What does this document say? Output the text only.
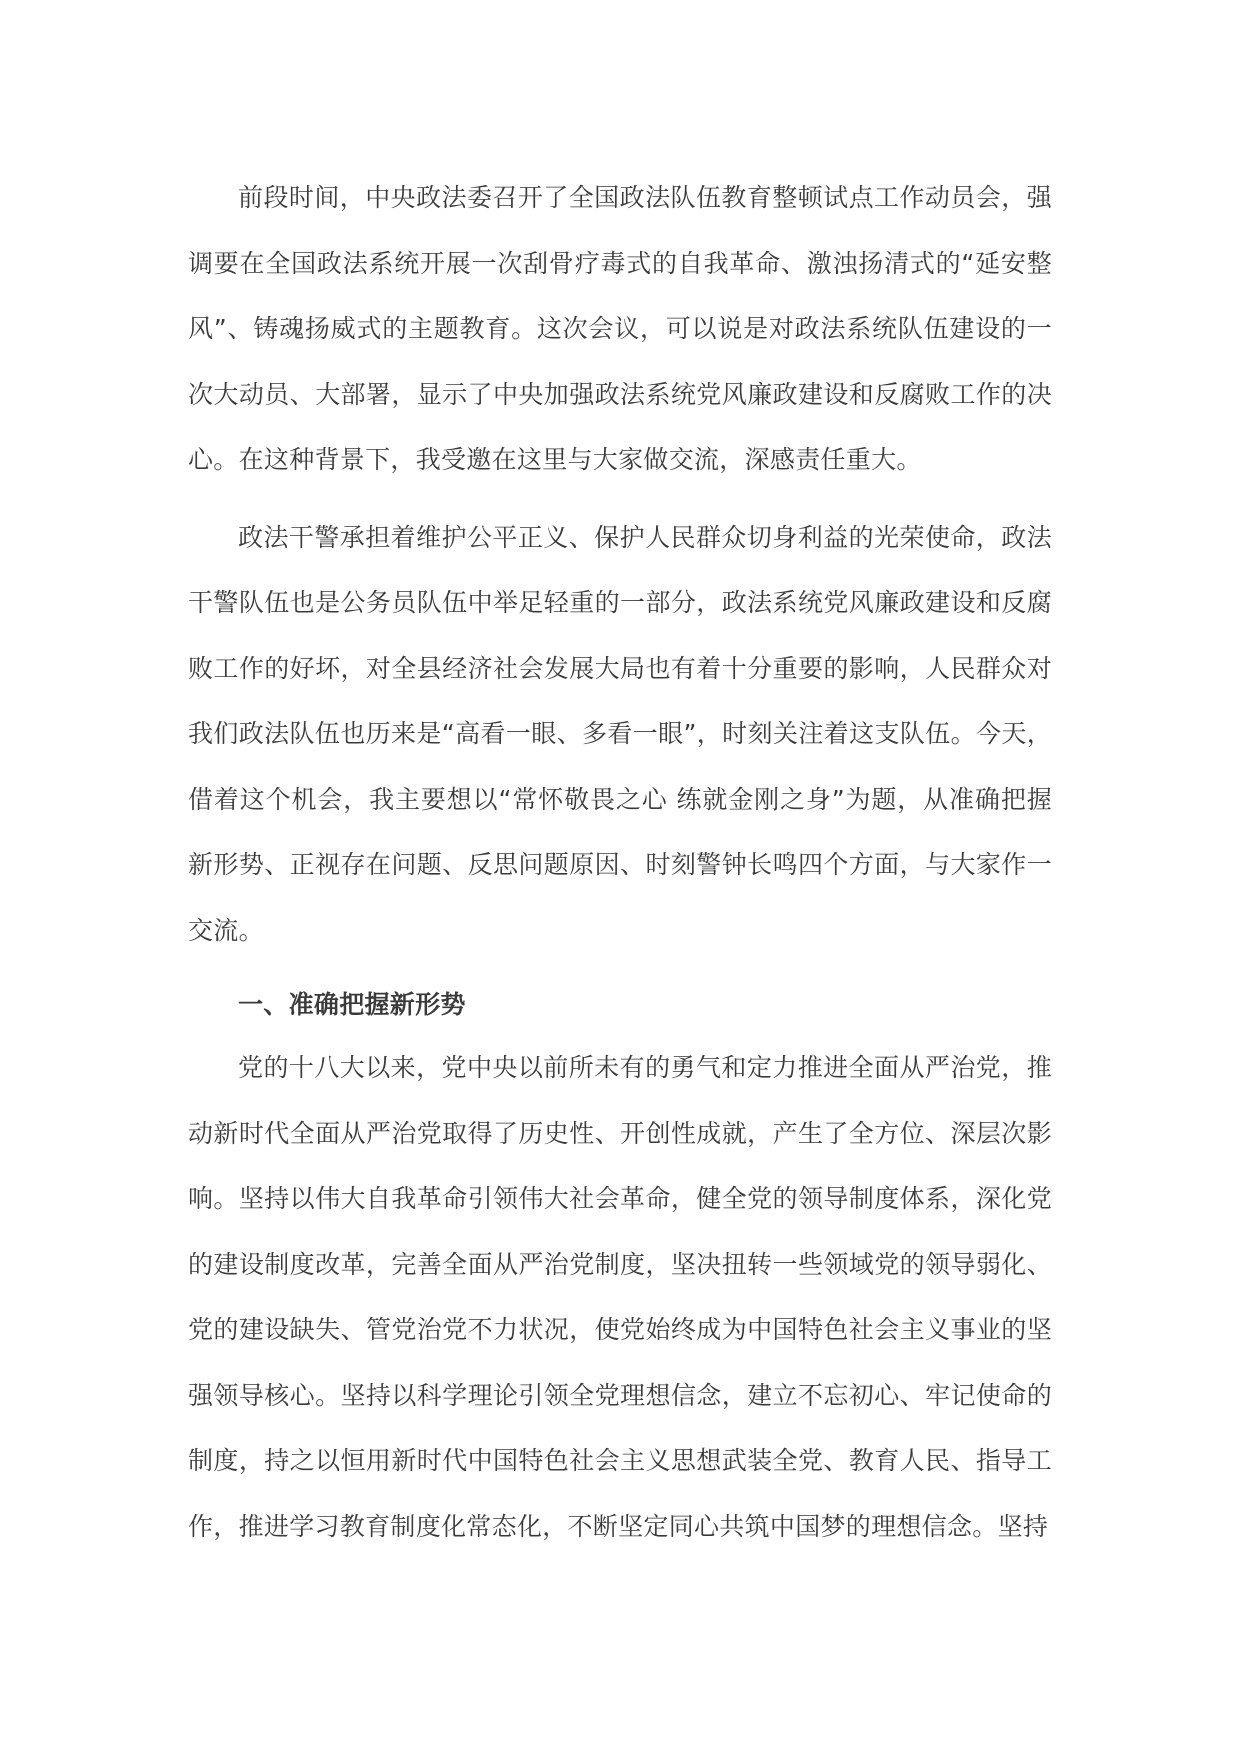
前段时间，中央政法委召开了全国政法队伍教育整顿试点工作动员会，强调要在全国政法系统开展一次刮骨疗毒式的自我革命、激浊扬清式的“延安整风”、铸魂扬威式的主题教育。这次会议，可以说是对政法系统队伍建设的一次大动员、大部署，显示了中央加强政法系统党风廉政建设和反腐败工作的决心。在这种背景下，我受邀在这里与大家做交流，深感责任重大。

政法干警承担着维护公平正义、保护人民群众切身利益的光荣使命，政法干警队伍也是公务员队伍中举足轻重的一部分，政法系统党风廉政建设和反腐败工作的好坏，对全县经济社会发展大局也有着十分重要的影响，人民群众对我们政法队伍也历来是“高看一眼、多看一眼”，时刻关注着这支队伍。今天，借着这个机会，我主要想以“常怀敬畏之心 练就金刚之身”为题，从准确把握新形势、正视存在问题、反思问题原因、时刻警钟长鸣四个方面，与大家作一交流。

一、准确把握新形势

党的十八大以来，党中央以前所未有的勇气和定力推进全面从严治党，推动新时代全面从严治党取得了历史性、开创性成就，产生了全方位、深层次影响。坚持以伟大自我革命引领伟大社会革命，健全党的领导制度体系，深化党的建设制度改革，完善全面从严治党制度，坚决扭转一些领域党的领导弱化、党的建设缺失、管党治党不力状况，使党始终成为中国特色社会主义事业的坚强领导核心。坚持以科学理论引领全党理想信念，建立不忘初心、牢记使命的制度，持之以恒用新时代中国特色社会主义思想武装全党、教育人民、指导工作，推进学习教育制度化常态化，不断坚定同心共筑中国梦的理想信念。坚持
